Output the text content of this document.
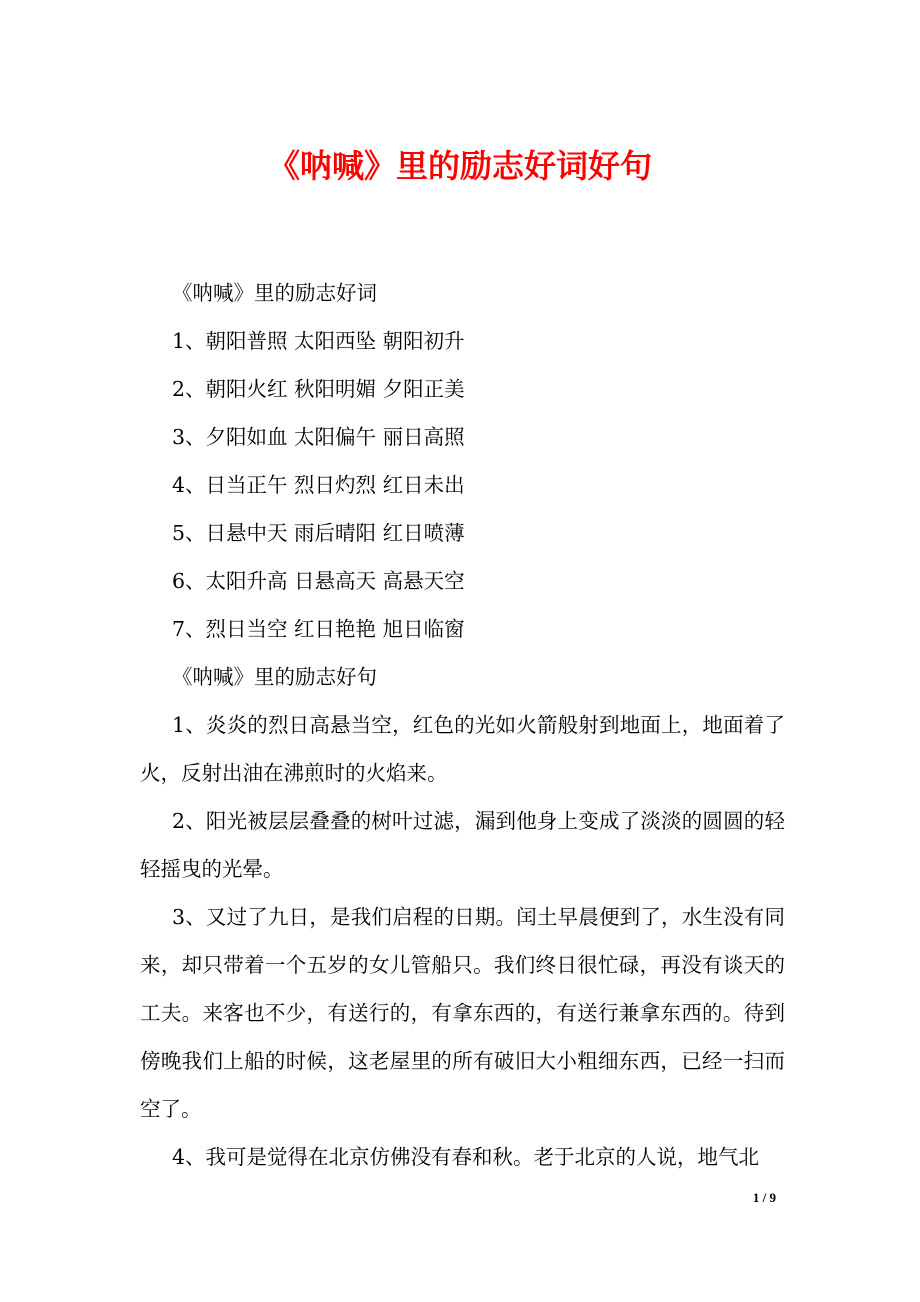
《呐喊》里的励志好词好句
《呐喊》里的励志好词
1、朝阳普照 太阳西坠 朝阳初升
2、朝阳火红 秋阳明媚 夕阳正美
3、夕阳如血 太阳偏午 丽日高照
4、日当正午 烈日灼烈 红日未出
5、日悬中天 雨后晴阳 红日喷薄
6、太阳升高 日悬高天 高悬天空
7、烈日当空 红日艳艳 旭日临窗
《呐喊》里的励志好句
1、炎炎的烈日高悬当空，红色的光如火箭般射到地面上，地面着了火，反射出油在沸煎时的火焰来。
2、阳光被层层叠叠的树叶过滤，漏到他身上变成了淡淡的圆圆的轻轻摇曳的光晕。
3、又过了九日，是我们启程的日期。闰土早晨便到了，水生没有同来，却只带着一个五岁的女儿管船只。我们终日很忙碌，再没有谈天的工夫。来客也不少，有送行的，有拿东西的，有送行兼拿东西的。待到傍晚我们上船的时候，这老屋里的所有破旧大小粗细东西，已经一扫而空了。
4、我可是觉得在北京仿佛没有春和秋。老于北京的人说，地气北
1 / 9
